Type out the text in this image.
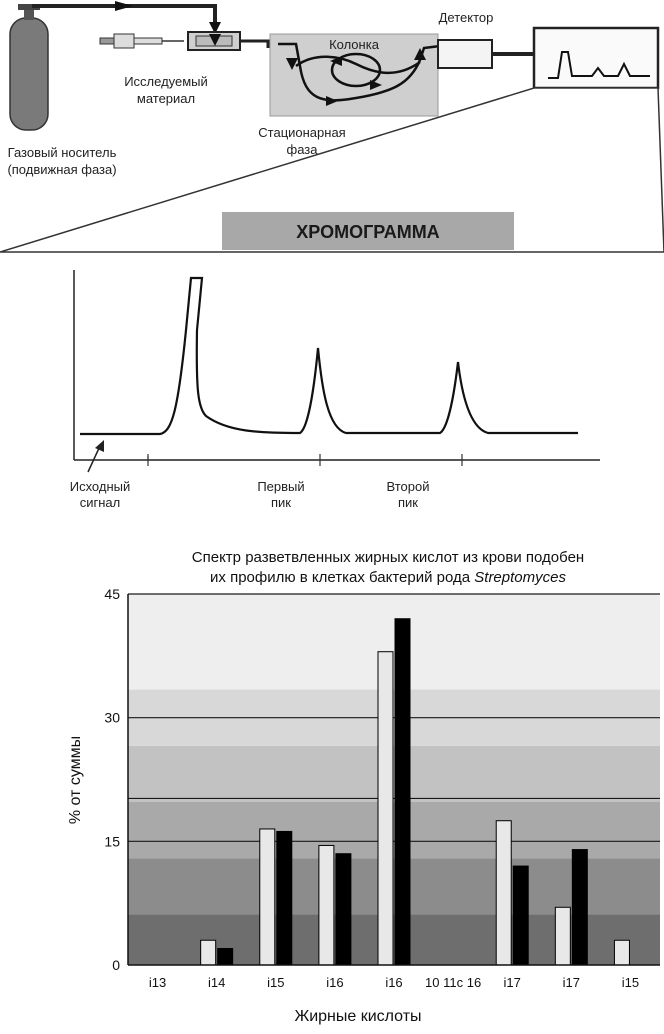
Газовый носитель (подвижная фаза)
Исследуемый материал
Колонка
Стационарная фаза
Детектор
ХРОМОГРАММА
Исходный сигнал
Первый пик
Второй пик
Спектр разветвленных жирных кислот из крови подобен
их профилю в клетках бактерий рода Streptomyces
0
15
30
45
i13	i14	i15	i16	i16 10 11с 16 i17	i17	i15
Жирные кислоты
% от суммы
